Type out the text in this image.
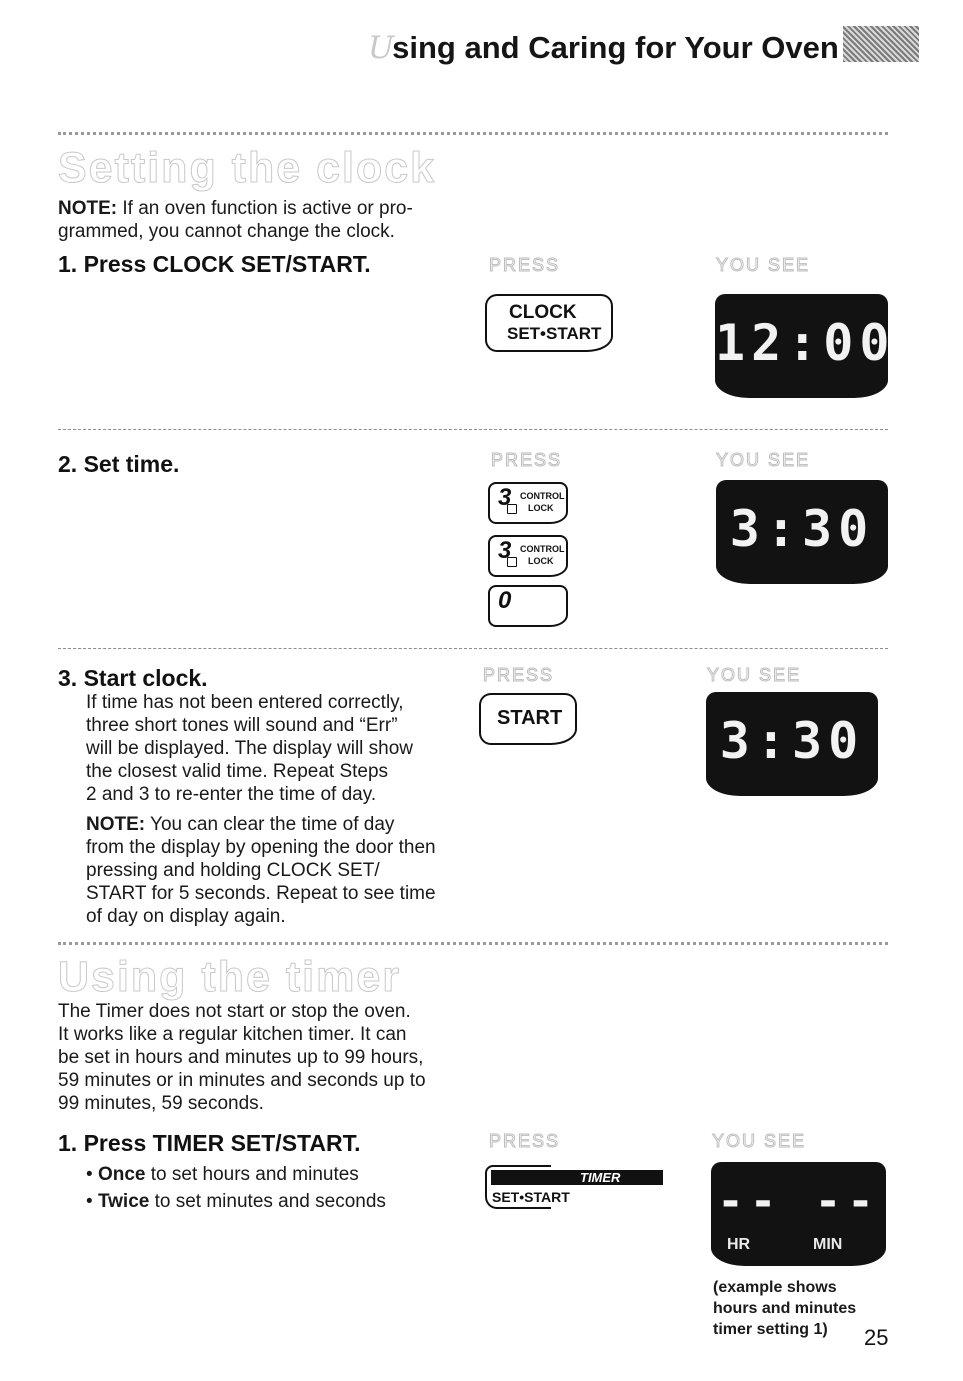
Using and Caring for Your Oven
Setting the clock
NOTE: If an oven function is active or pro-
grammed, you cannot change the clock.
1. Press CLOCK SET/START.	PRESS	YOU SEE
CLOCK
SET•START 12:00
2. Set time.	PRESS	YOU SEE
3 CONTROL
LOCK
3 CONTROL
LOCK
0
3:30
3. Start clock.	PRESS	YOU SEE
If time has not been entered correctly,
three short tones will sound and “Err”
will be displayed. The display will show
the closest valid time. Repeat Steps
2 and 3 to re-enter the time of day.
NOTE: You can clear the time of day
from the display by opening the door then
pressing and holding CLOCK SET/
START for 5 seconds. Repeat to see time
of day on display again.
START	3:30
Using the timer
The Timer does not start or stop the oven.
It works like a regular kitchen timer. It can
be set in hours and minutes up to 99 hours,
59 minutes or in minutes and seconds up to
99 minutes, 59 seconds.
1. Press TIMER SET/START.	PRESS	YOU SEE
• Once to set hours and minutes
• Twice to set minutes and seconds
TIMER
SET•START	-- --
HR	MIN
(example shows
hours and minutes
timer setting 1)	25
